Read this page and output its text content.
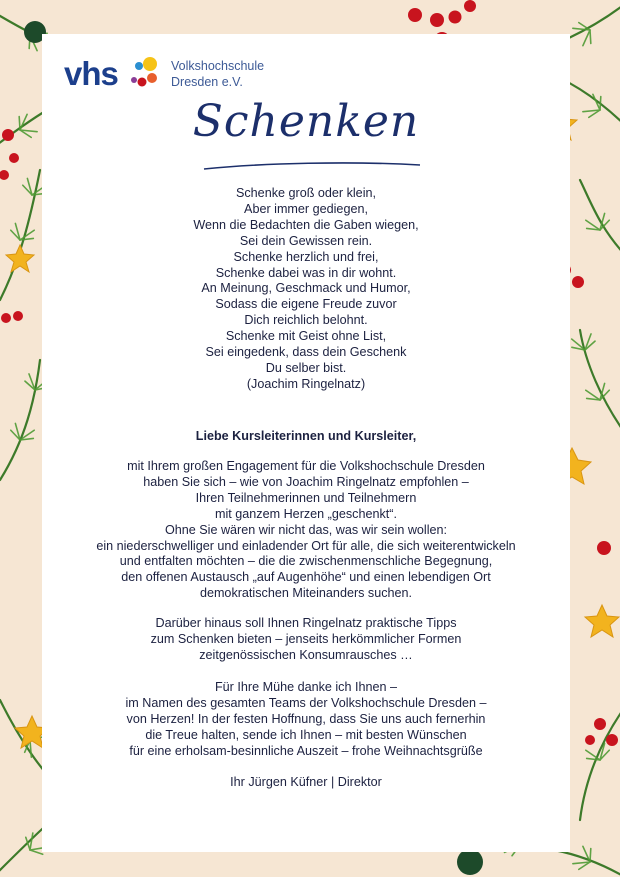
vhs	Volkshochschule
Dresden e.V.
Schenken
Schenke groß oder klein,
Aber immer gediegen,
Wenn die Bedachten die Gaben wiegen,
Sei dein Gewissen rein.
Schenke herzlich und frei,
Schenke dabei was in dir wohnt.
An Meinung, Geschmack und Humor,
Sodass die eigene Freude zuvor
Dich reichlich belohnt.
Schenke mit Geist ohne List,
Sei eingedenk, dass dein Geschenk
Du selber bist.
(Joachim Ringelnatz)
Liebe Kursleiterinnen und Kursleiter,
mit Ihrem großen Engagement für die Volkshochschule Dresden
haben Sie sich – wie von Joachim Ringelnatz empfohlen –
Ihren Teilnehmerinnen und Teilnehmern
mit ganzem Herzen „geschenkt“.
Ohne Sie wären wir nicht das, was wir sein wollen:
ein niederschwelliger und einladender Ort für alle, die sich weiterentwickeln
und entfalten möchten – die die zwischenmenschliche Begegnung,
den offenen Austausch „auf Augenhöhe“ und einen lebendigen Ort
demokratischen Miteinanders suchen.
Darüber hinaus soll Ihnen Ringelnatz praktische Tipps
zum Schenken bieten – jenseits herkömmlicher Formen
zeitgenössischen Konsumrausches …
Für Ihre Mühe danke ich Ihnen –
im Namen des gesamten Teams der Volkshochschule Dresden –
von Herzen! In der festen Hoffnung, dass Sie uns auch fernerhin
die Treue halten, sende ich Ihnen – mit besten Wünschen
für eine erholsam-besinnliche Auszeit – frohe Weihnachtsgrüße
Ihr Jürgen Küfner | Direktor
